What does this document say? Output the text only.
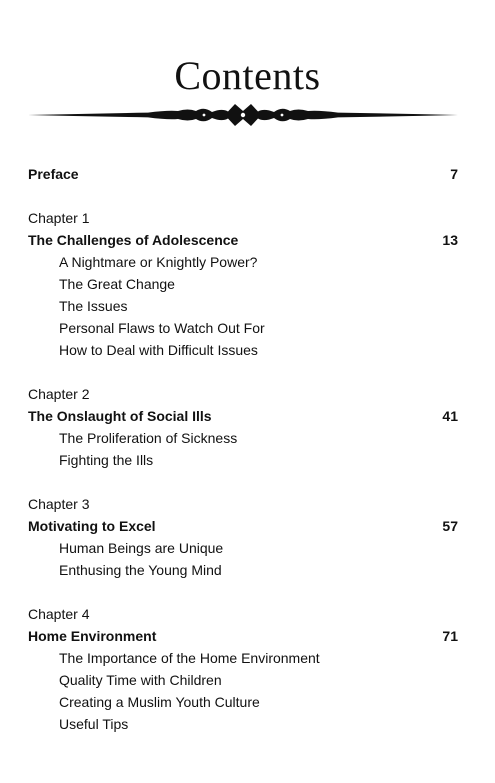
Contents
Preface	7
Chapter 1
The Challenges of Adolescence	13
A Nightmare or Knightly Power?
The Great Change
The Issues
Personal Flaws to Watch Out For
How to Deal with Difficult Issues
Chapter 2
The Onslaught of Social Ills	41
The Proliferation of Sickness
Fighting the Ills
Chapter 3
Motivating to Excel	57
Human Beings are Unique
Enthusing the Young Mind
Chapter 4
Home Environment	71
The Importance of the Home Environment
Quality Time with Children
Creating a Muslim Youth Culture
Useful Tips
